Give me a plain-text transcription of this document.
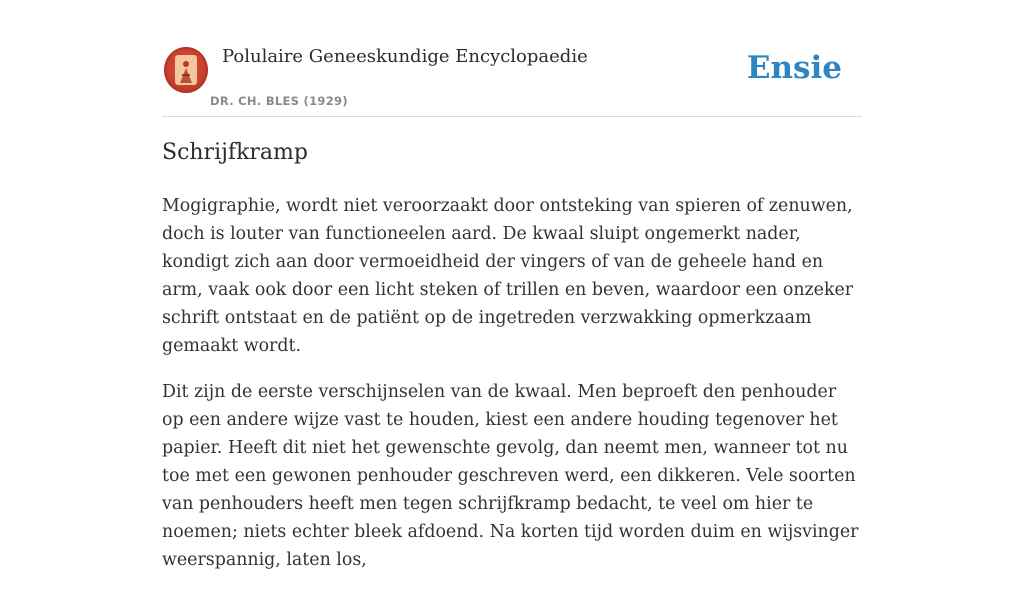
Polulaire Geneeskundige Encyclopaedie
DR. CH. BLES (1929)
Ensie
Schrijfkramp

Mogigraphie, wordt niet veroorzaakt door ontsteking van spieren of zenuwen, doch is louter van functioneelen aard. De kwaal sluipt ongemerkt nader, kondigt zich aan door vermoeidheid der vingers of van de geheele hand en arm, vaak ook door een licht steken of trillen en beven, waardoor een onzeker schrift ontstaat en de patiënt op de ingetreden verzwakking opmerkzaam gemaakt wordt.

Dit zijn de eerste verschijnselen van de kwaal. Men beproeft den penhouder op een andere wijze vast te houden, kiest een andere houding tegenover het papier. Heeft dit niet het gewenschte gevolg, dan neemt men, wanneer tot nu toe met een gewonen penhouder geschreven werd, een dikkeren. Vele soorten van penhouders heeft men tegen schrijfkramp bedacht, te veel om hier te noemen; niets echter bleek afdoend. Na korten tijd worden duim en wijsvinger weerspannig, laten los,
